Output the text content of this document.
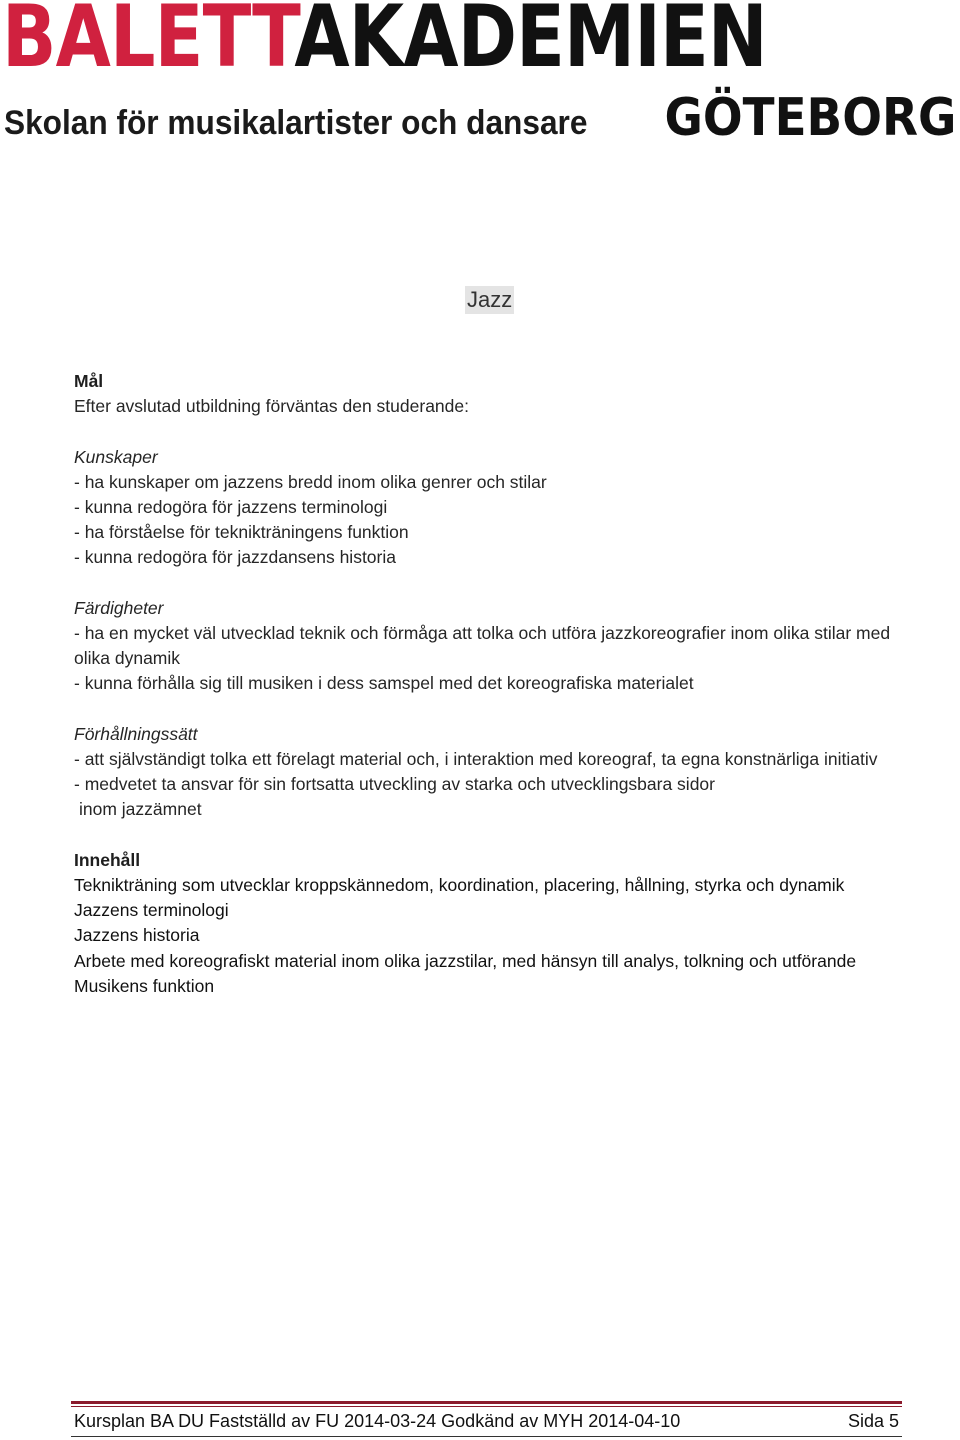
BALETTAKADEMIEN
Skolan för musikalartister och dansare GÖTEBORG
Jazz

Mål

Efter avslutad utbildning förväntas den studerande:

Kunskaper

- ha kunskaper om jazzens bredd inom olika genrer och stilar

- kunna redogöra för jazzens terminologi

- ha förståelse för teknikträningens funktion

- kunna redogöra för jazzdansens historia

Färdigheter

- ha en mycket väl utvecklad teknik och förmåga att tolka och utföra jazzkoreografier inom olika stilar med olika dynamik

- kunna förhålla sig till musiken i dess samspel med det koreografiska materialet

Förhållningssätt

- att självständigt tolka ett förelagt material och, i interaktion med koreograf, ta egna konstnärliga initiativ

- medvetet ta ansvar för sin fortsatta utveckling av starka och utvecklingsbara sidor

inom jazzämnet

Innehåll

Teknikträning som utvecklar kroppskännedom, koordination, placering, hållning, styrka och dynamik

Jazzens terminologi

Jazzens historia

Arbete med koreografiskt material inom olika jazzstilar, med hänsyn till analys, tolkning och utförande

Musikens funktion

Kursplan BA DU Fastställd av FU 2014-03-24 Godkänd av MYH 2014-04-10	Sida 5
